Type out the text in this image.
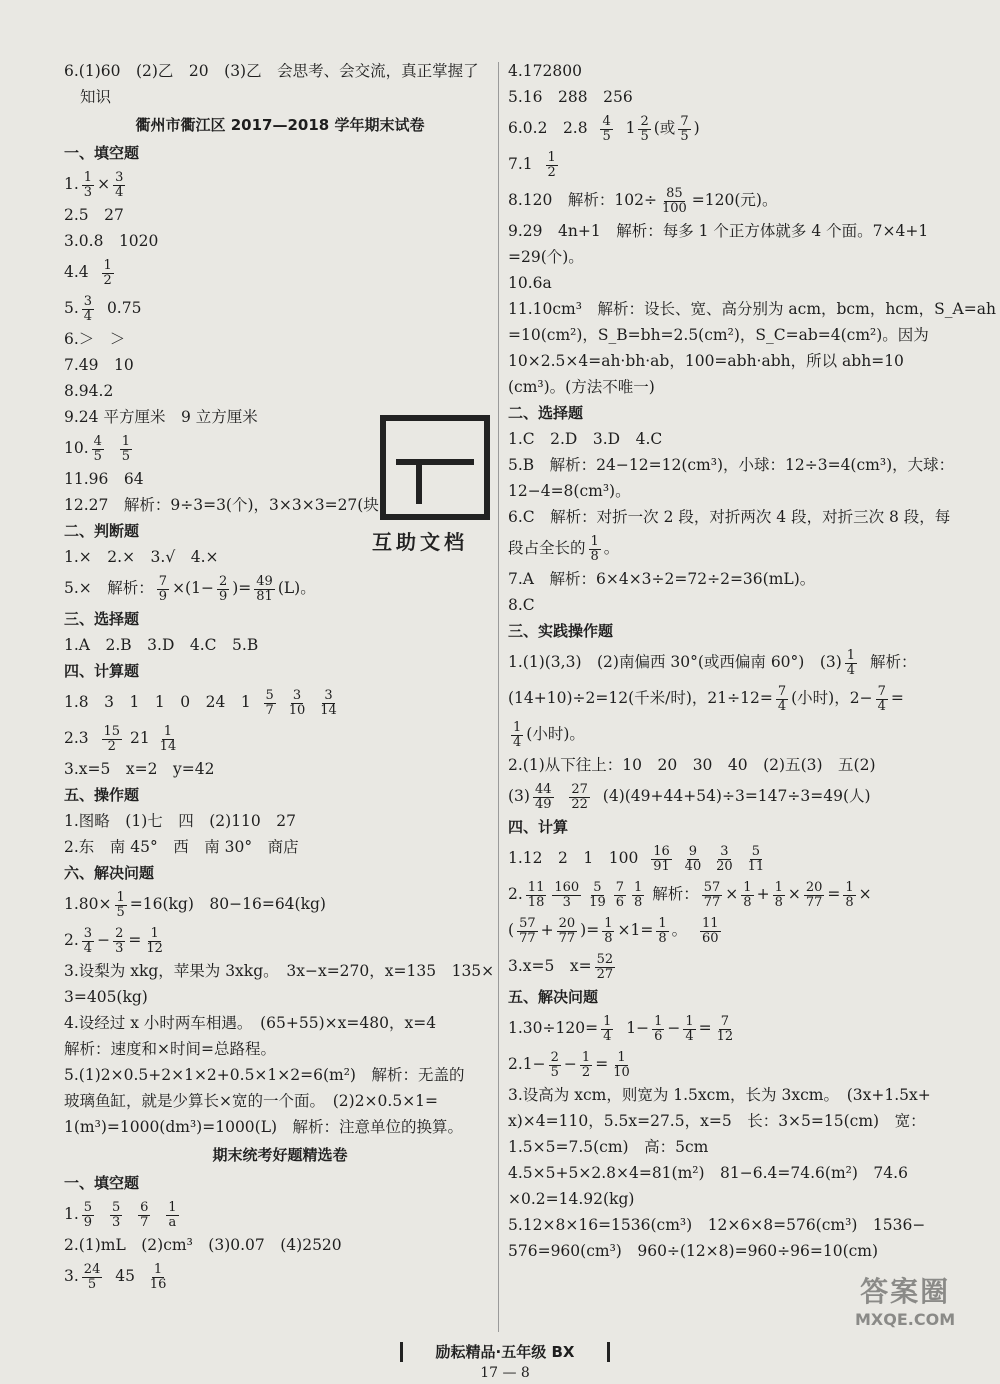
6.(1)60　(2)乙　20　(3)乙　会思考、会交流，真正掌握了
知识
衢州市衢江区 2017—2018 学年期末试卷
一、填空题
1. $\frac{1}{3} \times \frac{3}{4}$
2.5　27
3.0.8　1020
$4.4 \frac{1}{2}$
5. $\frac{3}{4} 0.75$
6.＞　＞
7.49　10
8.94.2
9.24 平方厘米　9 立方厘米
10. $\frac{4}{5}$
$\frac{1}{5}$
11.96　64
12.27　解析：9÷3=3(个)，3×3×3=27(块)
二、判断题
1.×　2.×　3.√　4.×
5.×　解析： $\frac{7}{9} \times(1- \frac{2}{9}$ )= $\frac{49}{81} (L)$。
三、选择题
1.A　2.B　3.D　4.C　5.B
四、计算题
1.8　3　1　1　0　24　$1 \frac{5}{7}$
$\frac{3}{10}$
$\frac{3}{14}$
$2.3 \frac{15}{2} 21 \frac{1}{14}$
3.x=5　x=2　y=42
五、操作题
1.图略　(1)七　四　(2)110　27
2.东　南 45°　西　南 30°　商店
六、解决问题
$1.80\times \frac{1}{5} =16(kg)$　80−16=64(kg)
2. $\frac{3}{4} - \frac{2}{3} = \frac{1}{12}$
3.设梨为 xkg，苹果为 3xkg。　3x−x=270，x=135　135×
3=405(kg)
4.设经过 x 小时两车相遇。　(65+55)×x=480，x=4
解析：速度和×时间=总路程。
5.(1)2×0.5+2×1×2+0.5×1×2=6(m²)　解析：无盖的
玻璃鱼缸，就是少算长×宽的一个面。　(2)2×0.5×1=
1(m³)=1000(dm³)=1000(L)　解析：注意单位的换算。
期末统考好题精选卷
一、填空题
1. $\frac{5}{9}$
$\frac{5}{3}$
$\frac{6}{7}$
$\frac{1}{a}$
2.(1)mL　(2)cm³　(3)0.07　(4)2520
3. $\frac{24}{5} 45 \frac{1}{16}$
4.172800
5.16　288　256
6.0.2　$2.8 \frac{4}{5} 1 \frac{2}{5}$ (或 $\frac{7}{5}$ )
$7.1 \frac{1}{2}$
8.120　解析：$102\div \frac{85}{100} =120$(元)。
9.29　4n+1　解析：每多 1 个正方体就多 4 个面。7×4+1
=29(个)。
10.6a
11.10cm³　解析：设长、宽、高分别为 acm，bcm，hcm，S_A=ah
=10(cm²)，S_B=bh=2.5(cm²)，S_C=ab=4(cm²)。因为
10×2.5×4=ah·bh·ab，100=abh·abh，所以 abh=10
(cm³)。(方法不唯一)
二、选择题
1.C　2.D　3.D　4.C
5.B　解析：24−12=12(cm³)，小球：12÷3=4(cm³)，大球：
12−4=8(cm³)。
6.C　解析：对折一次 2 段，对折两次 4 段，对折三次 8 段，每
段占全长的 $\frac{1}{8}$ 。
7.A　解析：6×4×3÷2=72÷2=36(mL)。
8.C
三、实践操作题
1.(1)(3,3)　(2)南偏西 30°(或西偏南 60°)　$(3) \frac{1}{4}$ 解析：
(14+10)÷2=12(千米/时)，$21\div 12= \frac{7}{4}$ (小时)，$2- \frac{7}{4}$ =
$\frac{1}{4}$ (小时)。
2.(1)从下往上：10　20　30　40　(2)五(3)　五(2)
$(3) \frac{44}{49}$
$\frac{27}{22} (4)(49+44+54)\div 3=147\div 3=49$(人)
四、计算
1.12　2　1　$100 \frac{16}{91}$
$\frac{9}{40}$
$\frac{3}{20}$
$\frac{5}{11}$
2. $\frac{11}{18} \frac{160}{3} \frac{5}{19} \frac{7}{6} \frac{1}{8}$ 解析： $\frac{57}{77} \times \frac{1}{8} + \frac{1}{8} \times \frac{20}{77} = \frac{1}{8}$ ×
( $\frac{57}{77} + \frac{20}{77}$ )= $\frac{1}{8} \times 1= \frac{1}{8}$ 。 $\frac{11}{60}$
3.x=5　$x= \frac{52}{27}$
五、解决问题
$1.30\div 120= \frac{1}{4} 1- \frac{1}{6} - \frac{1}{4} = \frac{7}{12}$
$2.1- \frac{2}{5} - \frac{1}{2} = \frac{1}{10}$
3.设高为 xcm，则宽为 1.5xcm，长为 3xcm。　(3x+1.5x+
x)×4=110，5.5x=27.5，x=5　长：3×5=15(cm)　宽：
1.5×5=7.5(cm)　高：5cm
4.5×5+5×2.8×4=81(m²)　81−6.4=74.6(m²)　74.6
×0.2=14.92(kg)
5.12×8×16=1536(cm³)　12×6×8=576(cm³)　1536−
576=960(cm³)　960÷(12×8)=960÷96=10(cm)
互助文档
答案圈
MXQE.COM
励耘精品·五年级 BX
17 — 8
